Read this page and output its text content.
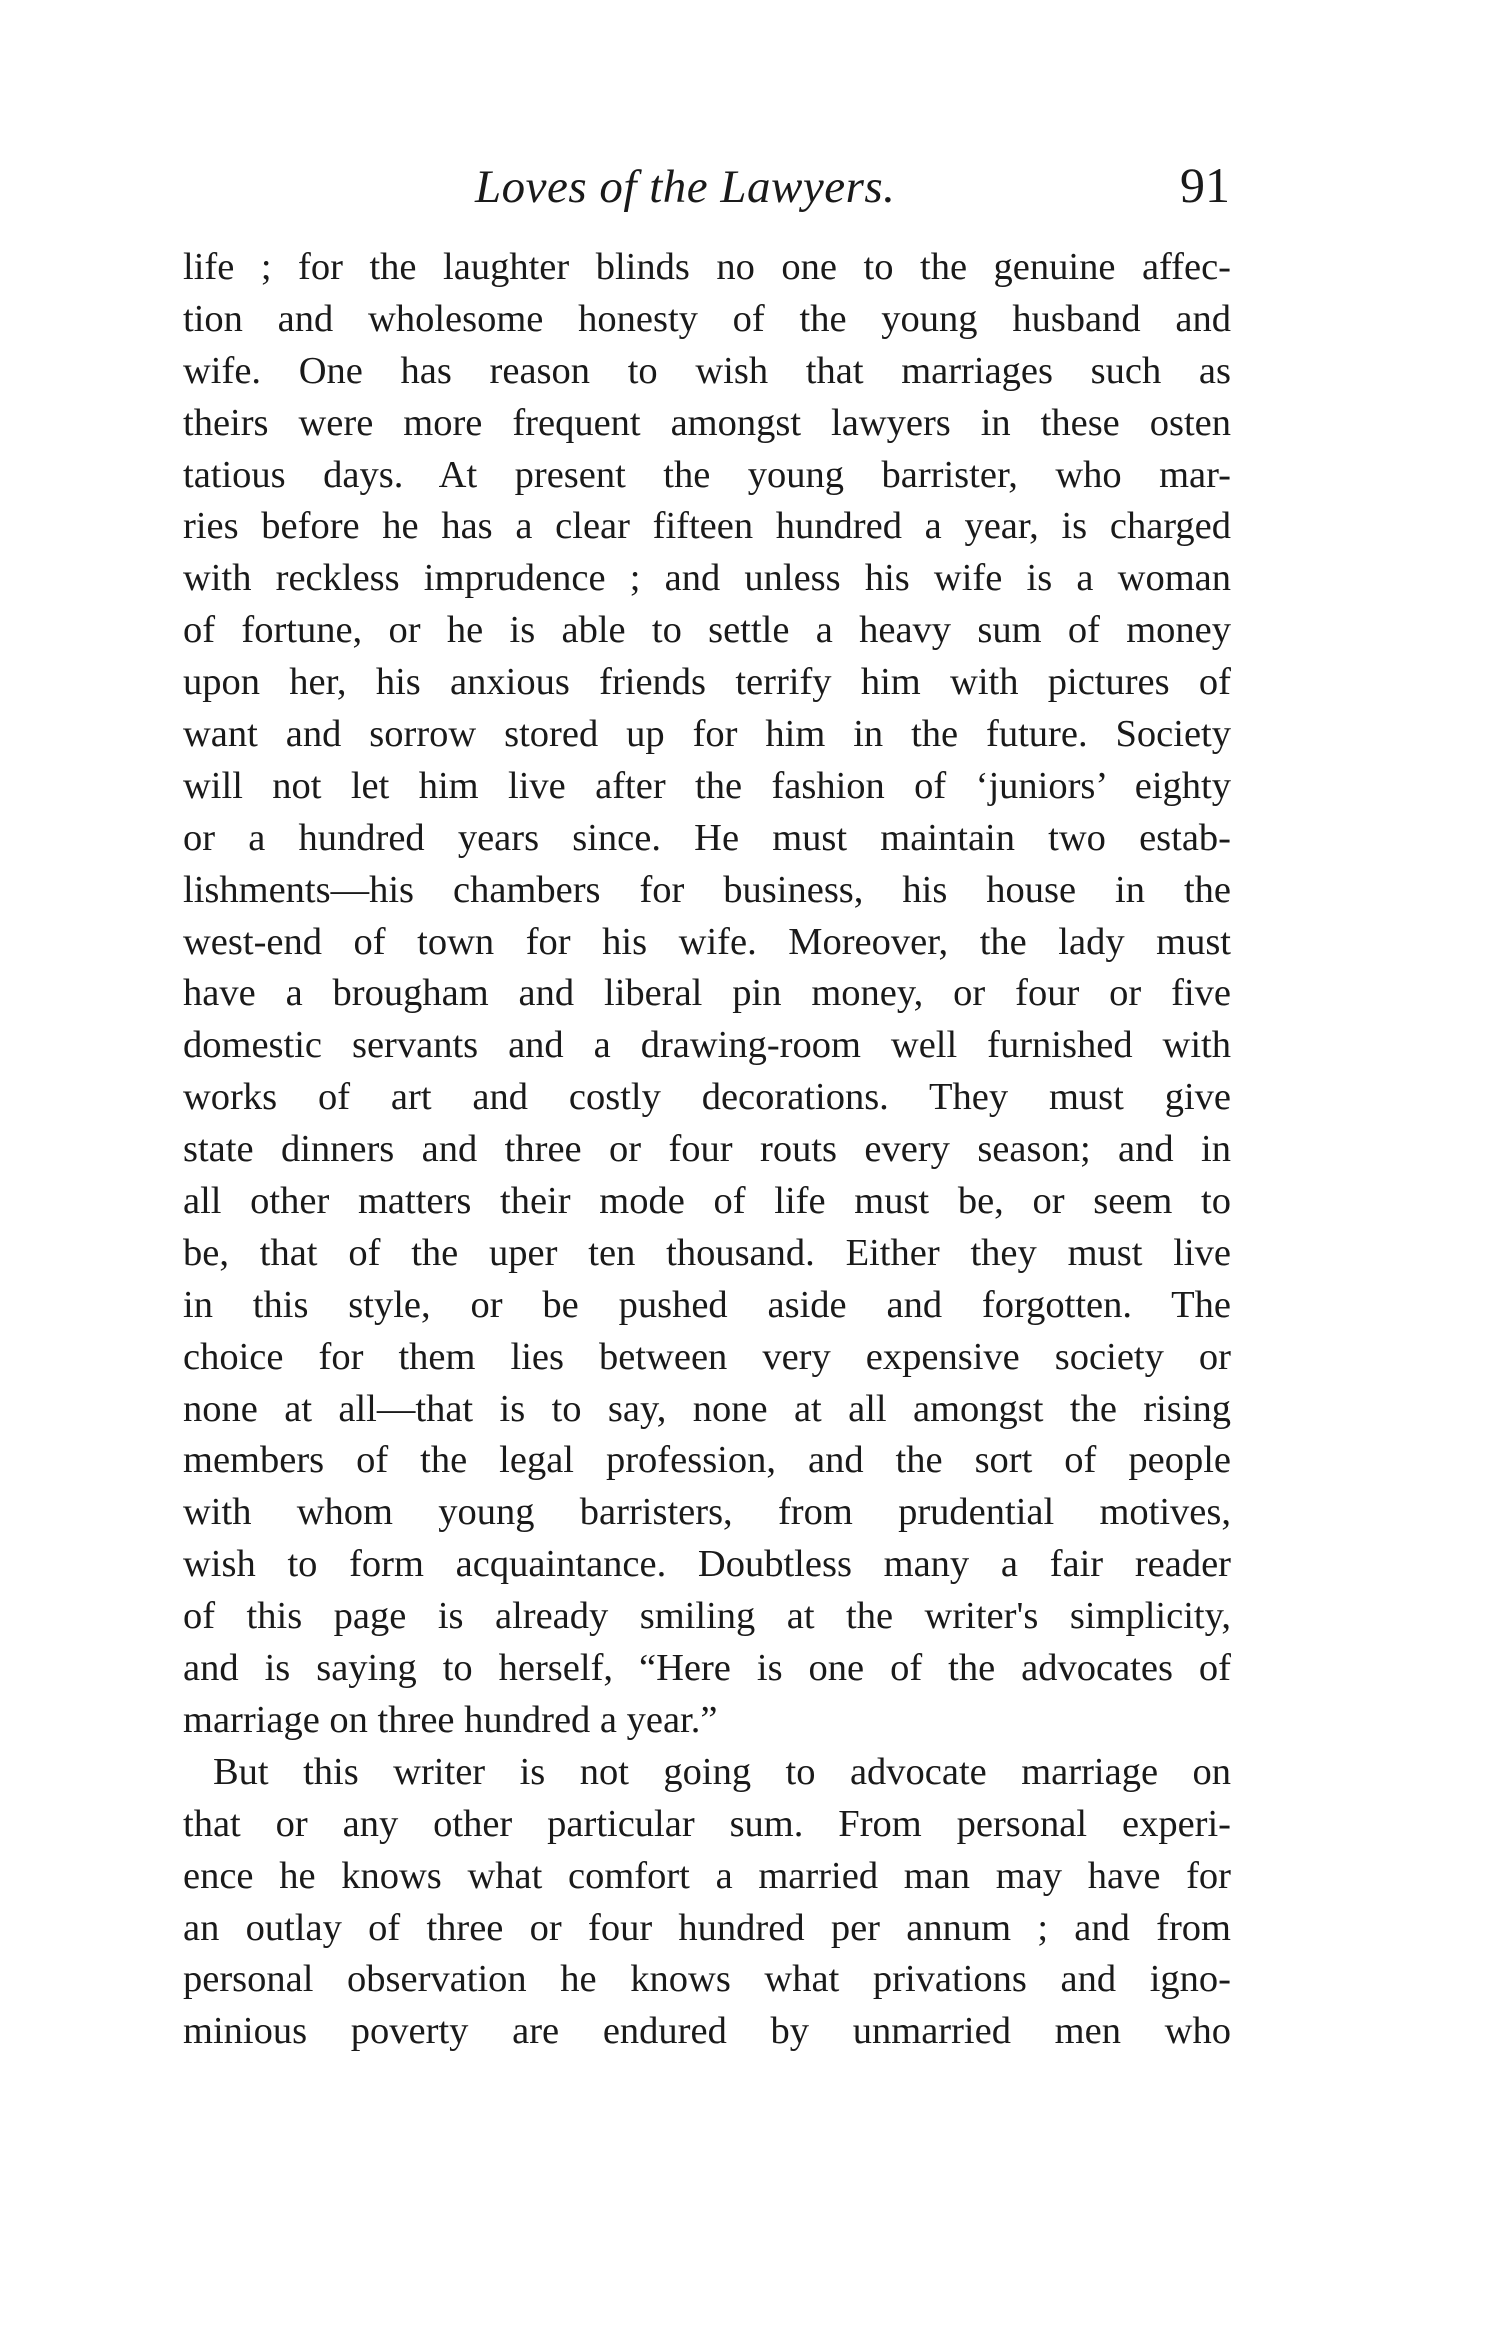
Loves of the Lawyers.	91
life ; for the laughter blinds no one to the genuine affec-
tion and wholesome honesty of the young husband and
wife. One has reason to wish that marriages such as
theirs were more frequent amongst lawyers in these osten
tatious days. At present the young barrister, who mar-
ries before he has a clear fifteen hundred a year, is charged
with reckless imprudence ; and unless his wife is a woman
of fortune, or he is able to settle a heavy sum of money
upon her, his anxious friends terrify him with pictures of
want and sorrow stored up for him in the future. Society
will not let him live after the fashion of ‘juniors’ eighty
or a hundred years since. He must maintain two estab-
lishments—his chambers for business, his house in the
west-end of town for his wife. Moreover, the lady must
have a brougham and liberal pin money, or four or five
domestic servants and a drawing-room well furnished with
works of art and costly decorations. They must give
state dinners and three or four routs every season; and in
all other matters their mode of life must be, or seem to
be, that of the uper ten thousand. Either they must live
in this style, or be pushed aside and forgotten. The
choice for them lies between very expensive society or
none at all—that is to say, none at all amongst the rising
members of the legal profession, and the sort of people
with whom young barristers, from prudential motives,
wish to form acquaintance. Doubtless many a fair reader
of this page is already smiling at the writer's simplicity,
and is saying to herself, “Here is one of the advocates of
marriage on three hundred a year.”
But this writer is not going to advocate marriage on
that or any other particular sum. From personal experi-
ence he knows what comfort a married man may have for
an outlay of three or four hundred per annum ; and from
personal observation he knows what privations and igno-
minious poverty are endured by unmarried men who
